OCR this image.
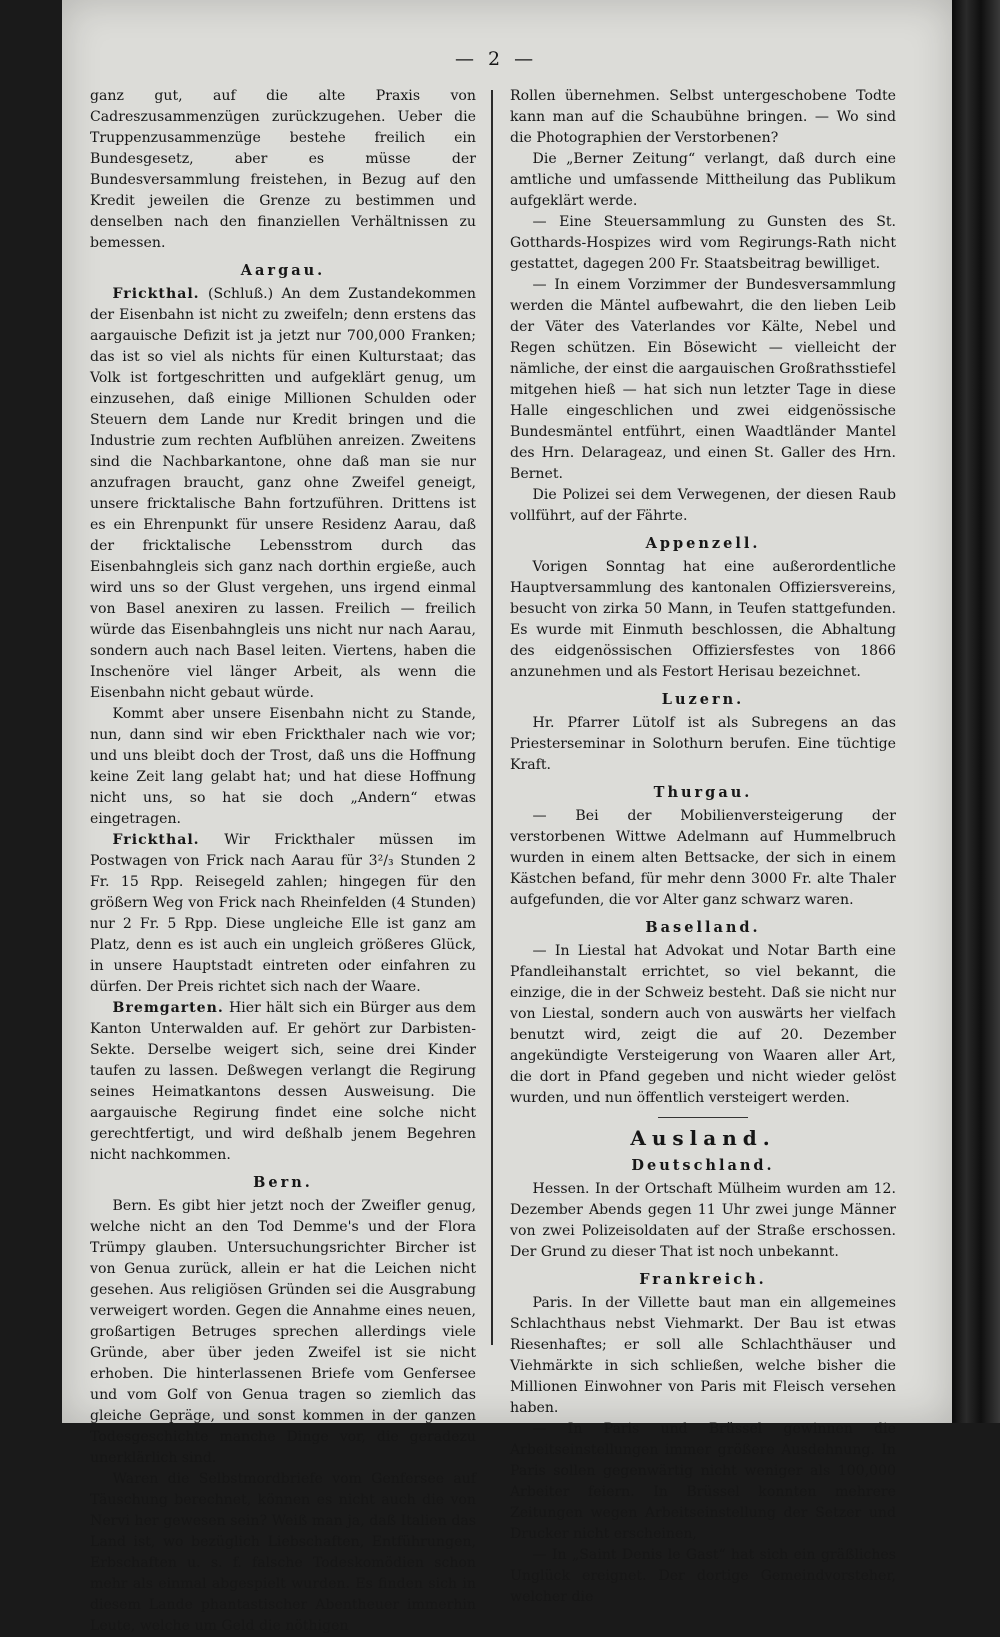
— 2 —

ganz gut, auf die alte Praxis von Cadreszusammenzügen zurückzugehen. Ueber die Truppenzusammenzüge bestehe freilich ein Bundesgesetz, aber es müsse der Bundesversammlung freistehen, in Bezug auf den Kredit jeweilen die Grenze zu bestimmen und denselben nach den finanziellen Verhältnissen zu bemessen.

Aargau.

Frickthal. (Schluß.) An dem Zustandekommen der Eisenbahn ist nicht zu zweifeln; denn erstens das aargauische Defizit ist ja jetzt nur 700,000 Franken; das ist so viel als nichts für einen Kulturstaat; das Volk ist fortgeschritten und aufgeklärt genug, um einzusehen, daß einige Millionen Schulden oder Steuern dem Lande nur Kredit bringen und die Industrie zum rechten Aufblühen anreizen. Zweitens sind die Nachbarkantone, ohne daß man sie nur anzufragen braucht, ganz ohne Zweifel geneigt, unsere fricktalische Bahn fortzuführen. Drittens ist es ein Ehrenpunkt für unsere Residenz Aarau, daß der fricktalische Lebensstrom durch das Eisenbahngleis sich ganz nach dorthin ergieße, auch wird uns so der Glust vergehen, uns irgend einmal von Basel anexiren zu lassen. Freilich — freilich würde das Eisenbahngleis uns nicht nur nach Aarau, sondern auch nach Basel leiten. Viertens, haben die Inschenöre viel länger Arbeit, als wenn die Eisenbahn nicht gebaut würde.

Kommt aber unsere Eisenbahn nicht zu Stande, nun, dann sind wir eben Frickthaler nach wie vor; und uns bleibt doch der Trost, daß uns die Hoffnung keine Zeit lang gelabt hat; und hat diese Hoffnung nicht uns, so hat sie doch „Andern“ etwas eingetragen.

Frickthal. Wir Frickthaler müssen im Postwagen von Frick nach Aarau für 3²/₃ Stunden 2 Fr. 15 Rpp. Reisegeld zahlen; hingegen für den größern Weg von Frick nach Rheinfelden (4 Stunden) nur 2 Fr. 5 Rpp. Diese ungleiche Elle ist ganz am Platz, denn es ist auch ein ungleich größeres Glück, in unsere Hauptstadt eintreten oder einfahren zu dürfen. Der Preis richtet sich nach der Waare.

Bremgarten. Hier hält sich ein Bürger aus dem Kanton Unterwalden auf. Er gehört zur Darbisten-Sekte. Derselbe weigert sich, seine drei Kinder taufen zu lassen. Deßwegen verlangt die Regirung seines Heimatkantons dessen Ausweisung. Die aargauische Regirung findet eine solche nicht gerechtfertigt, und wird deßhalb jenem Begehren nicht nachkommen.

Bern.

Bern. Es gibt hier jetzt noch der Zweifler genug, welche nicht an den Tod Demme's und der Flora Trümpy glauben. Untersuchungsrichter Bircher ist von Genua zurück, allein er hat die Leichen nicht gesehen. Aus religiösen Gründen sei die Ausgrabung verweigert worden. Gegen die Annahme eines neuen, großartigen Betruges sprechen allerdings viele Gründe, aber über jeden Zweifel ist sie nicht erhoben. Die hinterlassenen Briefe vom Genfersee und vom Golf von Genua tragen so ziemlich das gleiche Gepräge, und sonst kommen in der ganzen Todesgeschichte manche Dinge vor, die geradezu unerklärlich sind.

Waren die Selbstmordbriefe vom Genfersee auf Täuschung berechnet, können es nicht auch die von Nervi her gewesen sein? Weiß man ja, daß Italien das Land ist, wo bezüglich Liebschaften, Entführungen, Erbschaften u. s. f. falsche Todeskomödien schon mehr als einmal abgespielt wurden. Es finden sich in diesem Lande phantastischer Abentheuer immerhin Leute, welche um Geld die nöthigen

Rollen übernehmen. Selbst untergeschobene Todte kann man auf die Schaubühne bringen. — Wo sind die Photographien der Verstorbenen?

Die „Berner Zeitung“ verlangt, daß durch eine amtliche und umfassende Mittheilung das Publikum aufgeklärt werde.

— Eine Steuersammlung zu Gunsten des St. Gotthards-Hospizes wird vom Regirungs-Rath nicht gestattet, dagegen 200 Fr. Staatsbeitrag bewilliget.

— In einem Vorzimmer der Bundesversammlung werden die Mäntel aufbewahrt, die den lieben Leib der Väter des Vaterlandes vor Kälte, Nebel und Regen schützen. Ein Bösewicht — vielleicht der nämliche, der einst die aargauischen Großrathsstiefel mitgehen hieß — hat sich nun letzter Tage in diese Halle eingeschlichen und zwei eidgenössische Bundesmäntel entführt, einen Waadtländer Mantel des Hrn. Delarageaz, und einen St. Galler des Hrn. Bernet.

Die Polizei sei dem Verwegenen, der diesen Raub vollführt, auf der Fährte.

Appenzell.

Vorigen Sonntag hat eine außerordentliche Hauptversammlung des kantonalen Offiziersvereins, besucht von zirka 50 Mann, in Teufen stattgefunden. Es wurde mit Einmuth beschlossen, die Abhaltung des eidgenössischen Offiziersfestes von 1866 anzunehmen und als Festort Herisau bezeichnet.

Luzern.

Hr. Pfarrer Lütolf ist als Subregens an das Priesterseminar in Solothurn berufen. Eine tüchtige Kraft.

Thurgau.

— Bei der Mobilienversteigerung der verstorbenen Wittwe Adelmann auf Hummelbruch wurden in einem alten Bettsacke, der sich in einem Kästchen befand, für mehr denn 3000 Fr. alte Thaler aufgefunden, die vor Alter ganz schwarz waren.

Baselland.

— In Liestal hat Advokat und Notar Barth eine Pfandleihanstalt errichtet, so viel bekannt, die einzige, die in der Schweiz besteht. Daß sie nicht nur von Liestal, sondern auch von auswärts her vielfach benutzt wird, zeigt die auf 20. Dezember angekündigte Versteigerung von Waaren aller Art, die dort in Pfand gegeben und nicht wieder gelöst wurden, und nun öffentlich versteigert werden.

Ausland.
Deutschland.

Hessen. In der Ortschaft Mülheim wurden am 12. Dezember Abends gegen 11 Uhr zwei junge Männer von zwei Polizeisoldaten auf der Straße erschossen. Der Grund zu dieser That ist noch unbekannt.

Frankreich.

Paris. In der Villette baut man ein allgemeines Schlachthaus nebst Viehmarkt. Der Bau ist etwas Riesenhaftes; er soll alle Schlachthäuser und Viehmärkte in sich schließen, welche bisher die Millionen Einwohner von Paris mit Fleisch versehen haben.

— In Paris und Brüssel gewinnen die Arbeitseinstellungen immer größere Ausdehnung. In Paris sollen gegenwärtig nicht weniger als 100,000 Arbeiter feiern. In Brüssel konnten mehrere Zeitungen wegen Arbeitseinstellung der Setzer und Drucker nicht erscheinen,

— In „Saint Denis le Gast“ hat sich ein gräßliches Unglück ereignet. Der dortige Gemeindvorsteher, welcher die
